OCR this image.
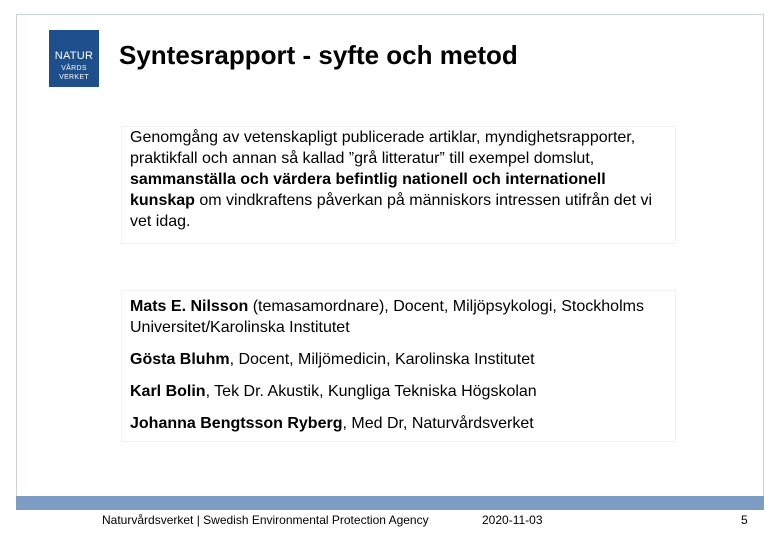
NATUR
VÅRDS
VERKET
Syntesrapport - syfte och metod

Genomgång av vetenskapligt publicerade artiklar, myndighetsrapporter, praktikfall och annan så kallad ”grå litteratur” till exempel domslut, sammanställa och värdera befintlig nationell och internationell kunskap om vindkraftens påverkan på människors intressen utifrån det vi vet idag.

Mats E. Nilsson (temasamordnare), Docent, Miljöpsykologi, Stockholms Universitet/Karolinska Institutet

Gösta Bluhm, Docent, Miljömedicin, Karolinska Institutet

Karl Bolin, Tek Dr. Akustik, Kungliga Tekniska Högskolan

Johanna Bengtsson Ryberg, Med Dr, Naturvårdsverket

Naturvårdsverket | Swedish Environmental Protection Agency	2020-11-03	5
